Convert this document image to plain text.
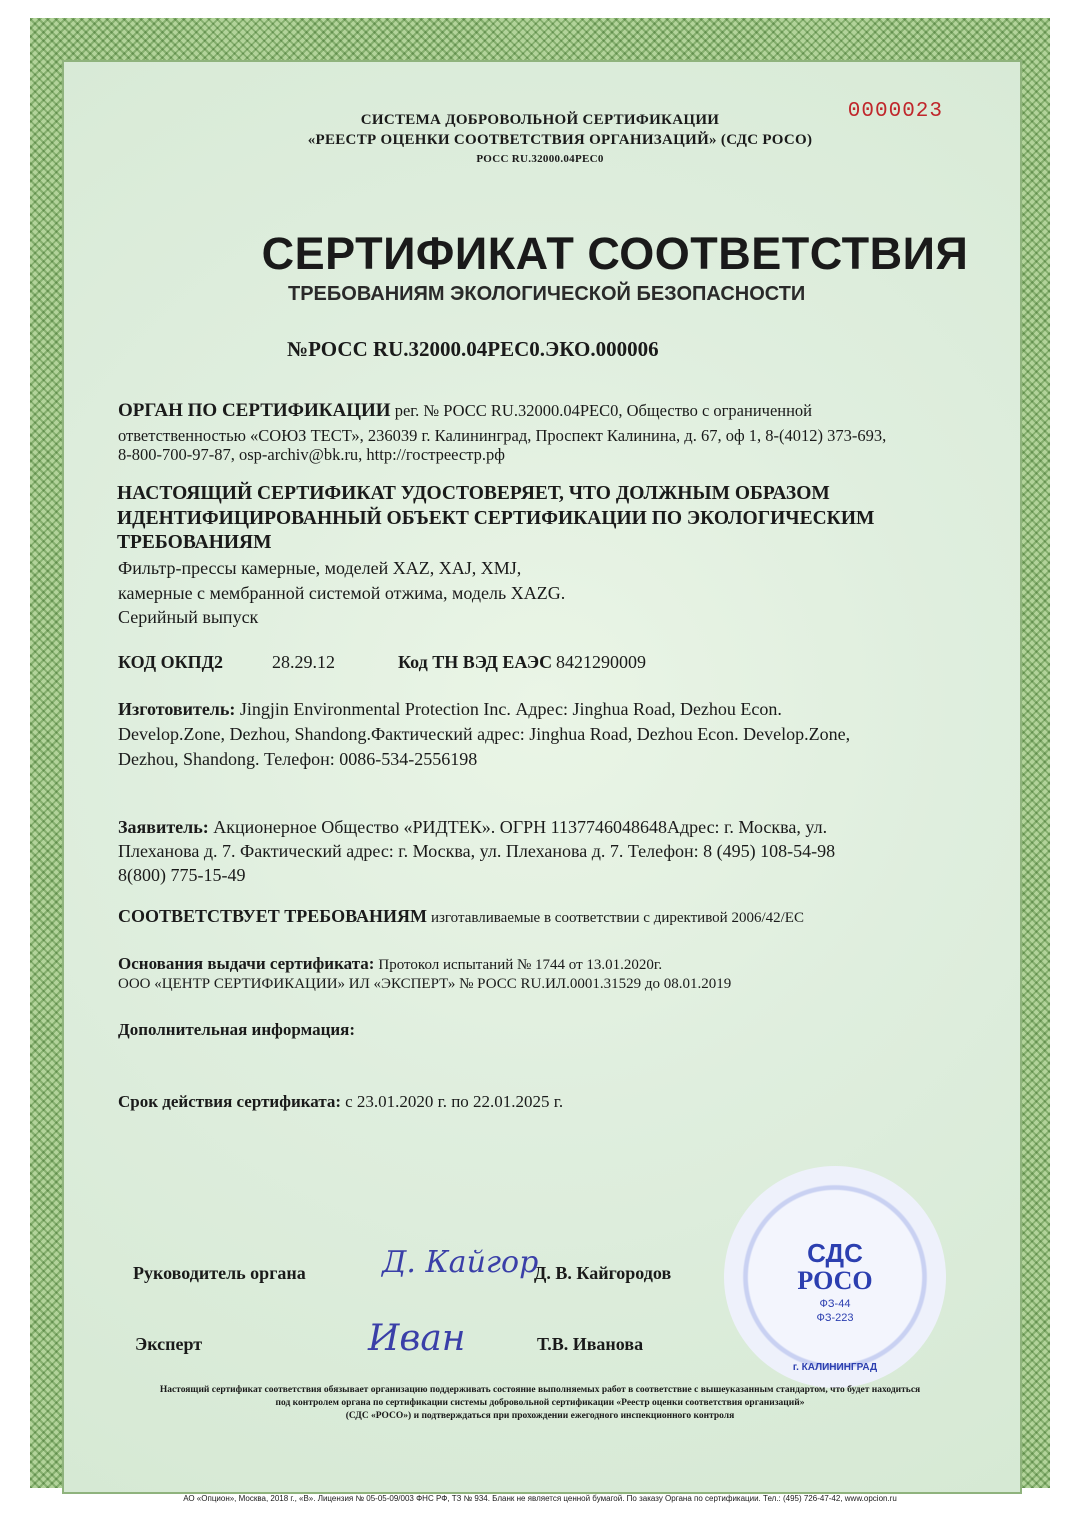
СИСТЕМА ДОБРОВОЛЬНОЙ СЕРТИФИКАЦИИ
«РЕЕСТР ОЦЕНКИ СООТВЕТСТВИЯ ОРГАНИЗАЦИЙ» (СДС РОСО)
РОСС RU.32000.04РЕС0
0000023
СЕРТИФИКАТ СООТВЕТСТВИЯ
ТРЕБОВАНИЯМ ЭКОЛОГИЧЕСКОЙ БЕЗОПАСНОСТИ
№РОСС RU.32000.04РЕС0.ЭКО.000006
ОРГАН ПО СЕРТИФИКАЦИИ рег. № РОСС RU.32000.04РЕС0, Общество с ограниченной
ответственностью «СОЮЗ ТЕСТ», 236039 г. Калининград, Проспект Калинина, д. 67, оф 1, 8-(4012) 373-693,
8-800-700-97-87, osp-archiv@bk.ru, http://гостреестр.рф
НАСТОЯЩИЙ СЕРТИФИКАТ УДОСТОВЕРЯЕТ, ЧТО ДОЛЖНЫМ ОБРАЗОМ
ИДЕНТИФИЦИРОВАННЫЙ ОБЪЕКТ СЕРТИФИКАЦИИ ПО ЭКОЛОГИЧЕСКИМ
ТРЕБОВАНИЯМ
Фильтр-прессы камерные, моделей XAZ, XAJ, XMJ,
камерные с мембранной системой отжима, модель XAZG.
Серийный выпуск
КОД ОКПД2	28.29.12	Код ТН ВЭД ЕАЭС 8421290009
Изготовитель: Jingjin Environmental Protection Inc. Адрес: Jinghua Road, Dezhou Econ.
Develop.Zone, Dezhou, Shandong.Фактический адрес: Jinghua Road, Dezhou Econ. Develop.Zone,
Dezhou, Shandong. Телефон: 0086-534-2556198
Заявитель: Акционерное Общество «РИДТЕК». ОГРН 1137746048648Адрес: г. Москва, ул.
Плеханова д. 7. Фактический адрес: г. Москва, ул. Плеханова д. 7. Телефон: 8 (495) 108-54-98
8(800) 775-15-49
СООТВЕТСТВУЕТ ТРЕБОВАНИЯМ изготавливаемые в соответствии с директивой 2006/42/EC
Основания выдачи сертификата: Протокол испытаний № 1744 от 13.01.2020г.
ООО «ЦЕНТР СЕРТИФИКАЦИИ» ИЛ «ЭКСПЕРТ» № РОСС RU.ИЛ.0001.31529 до 08.01.2019
Дополнительная информация:
Срок действия сертификата: с 23.01.2020 г. по 22.01.2025 г.
Руководитель органа	Д. Кайгор
Д. В. Кайгородов
Эксперт	Иван	Т.В. Иванова
СДС
РОСО
ФЗ-44
ФЗ-223
г. КАЛИНИНГРАД
Настоящий сертификат соответствия обязывает организацию поддерживать состояние выполняемых работ в соответствие с вышеуказанным стандартом, что будет находиться
под контролем органа по сертификации системы добровольной сертификации «Реестр оценки соответствия организаций»
(СДС «РОСО») и подтверждаться при прохождении ежегодного инспекционного контроля
АО «Опцион», Москва, 2018 г., «В». Лицензия № 05-05-09/003 ФНС РФ, ТЗ № 934. Бланк не является ценной бумагой. По заказу Органа по сертификации. Тел.: (495) 726-47-42, www.opcion.ru
